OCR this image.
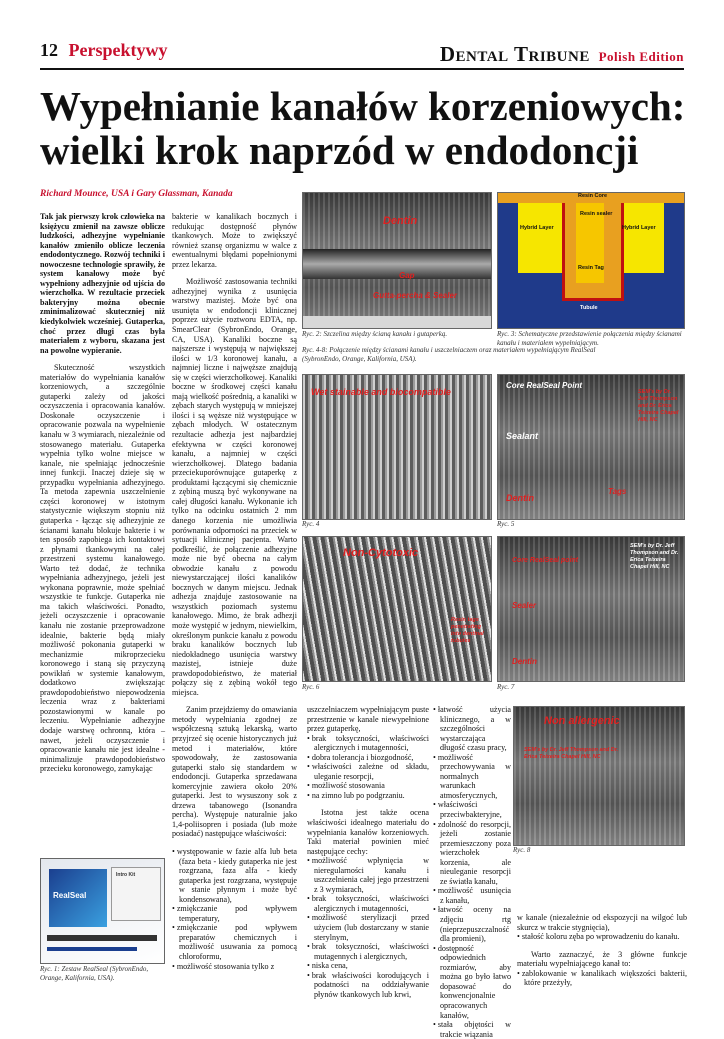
12 Perspektywy	Dental Tribune Polish Edition
Wypełnianie kanałów korzeniowych: wielki krok naprzód w endodoncji
Richard Mounce, USA i Gary Glassman, Kanada

Tak jak pierwszy krok człowieka na księżycu zmienił na zawsze oblicze ludzkości, adhezyjne wypełnianie kanałów zmieniło oblicze leczenia endodontycznego. Rozwój techniki i nowoczesne technologie sprawiły, że system kanałowy może być wypełniony adhezyjnie od ujścia do wierzchołka. W rezultacie przeciek bakteryjny można obecnie zminimalizować skuteczniej niż kiedykolwiek wcześniej. Gutaperka, choć przez długi czas była materiałem z wyboru, skazana jest na powolne wypieranie.

Skuteczność wszystkich materiałów do wypełniania kanałów korzeniowych, a szczególnie gutaperki zależy od jakości oczyszczenia i opracowania kanałów. Doskonałe oczyszczenie i opracowanie pozwala na wypełnienie kanału w 3 wymiarach, niezależnie od stosowanego materiału. Gutaperka wypełnia tylko wolne miejsce w kanale, nie spełniając jednocześnie innej funkcji. Inaczej dzieje się w przypadku wypełniania adhezyjnego. Ta metoda zapewnia uszczelnienie części koronowej w istotnym statystycznie większym stopniu niż gutaperka - łącząc się adhezyjnie ze ścianami kanału blokuje bakterie i w ten sposób zapobiega ich kontaktowi z płynami tkankowymi na całej przestrzeni systemu kanałowego. Warto też dodać, że technika wypełniania adhezyjnego, jeżeli jest wykonana poprawnie, może spełniać wszystkie te funkcje. Gutaperka nie ma takich właściwości. Ponadto, jeżeli oczyszczenie i opracowanie kanału nie zostanie przeprowadzone idealnie, bakterie będą miały możliwość pokonania gutaperki w mechanizmie mikroprzecieku koronowego i staną się przyczyną powikłań w systemie kanałowym, dodatkowo zwiększając prawdopodobieństwo niepowodzenia leczenia wraz z bakteriami pozostawionymi w kanale po leczeniu. Wypełnianie adhezyjne dodaje warstwę ochronną, która – nawet, jeżeli oczyszczenie i opracowanie kanału nie jest idealne - minimalizuje prawdopodobieństwo przecieku koronowego, zamykając

bakterie w kanalikach bocznych i redukując dostępność płynów tkankowych. Może to zwiększyć również szansę organizmu w walce z ewentualnymi błędami popełnionymi przez lekarza.

Możliwość zastosowania techniki adhezyjnej wynika z usunięcia warstwy mazistej. Może być ona usunięta w endodoncji klinicznej poprzez użycie roztworu EDTA, np. SmearClear (SybronEndo, Orange, CA, USA). Kanaliki boczne są najszersze i występują w największej ilości w 1/3 koronowej kanału, a najmniej liczne i najwęższe znajdują się w części wierzchołkowej. Kanaliki boczne w środkowej części kanału mają wielkość pośrednią, a kanaliki w zębach starych występują w mniejszej ilości i są węższe niż występujące w zębach młodych. W ostatecznym rezultacie adhezja jest najbardziej efektywna w części koronowej kanału, a najmniej w części wierzchołkowej. Dlatego badania przeciekuporównujące gutaperkę z produktami łączącymi się chemicznie z zębiną muszą być wykonywane na całej długości kanału. Wykonanie ich tylko na odcinku ostatnich 2 mm danego korzenia nie umożliwia porównania odporności na przeciek w sytuacji klinicznej pacjenta. Warto podkreślić, że połączenie adhezyjne może nie być obecna na całym obwodzie kanału z powodu niewystarczającej ilości kanalików bocznych w danym miejscu. Jednak adhezja znajduje zastosowanie na wszystkich poziomach systemu kanałowego. Mimo, że brak adhezji może występić w jednym, niewielkim, określonym punkcie kanału z powodu braku kanalików bocznych lub niedokładnego usunięcia warstwy mazistej, istnieje duże prawdopodobieństwo, że materiał połączy się z zębiną wokół tego miejsca.

Zanim przejdziemy do omawiania metody wypełniania zgodnej ze współczesną sztuką lekarską, warto przyjrzeć się ocenie historycznych już metod i materiałów, które spowodowały, że zastosowania gutaperki stało się standardem w endodoncji. Gutaperka sprzedawana komercyjnie zawiera około 20% gutaperki. Jest to wysuszony sok z drzewa tabanowego (Isonandra percha). Występuje naturalnie jako 1,4-poliisopren i posiada (lub może posiadać) następujące właściwości:

• występowanie w fazie alfa lub beta (faza beta - kiedy gutaperka nie jest rozgrzana, faza alfa - kiedy gutaperka jest rozgrzana, występuje w stanie płynnym i może być kondensowana),
• zmiękczanie pod wpływem temperatury,
• zmiękczanie pod wpływem preparatów chemicznych i możliwość usuwania za pomocą chloroformu,
• możliwość stosowania tylko z

uszczelniaczem wypełniającym puste przestrzenie w kanale niewypełnione przez gutaperkę,

• brak toksyczności, właściwości alergicznych i mutagenności,
• dobra tolerancja i biozgodność,
• właściwości zależne od składu, uleganie resorpcji,
• możliwość stosowania
• na zimno lub po podgrzaniu.

Istotna jest także ocena właściwości idealnego materiału do wypełniania kanałów korzeniowych. Taki materiał powinien mieć następujące cechy:

• możliwość wpłynięcia w nieregularności kanału i uszczelnienia całej jego przestrzeni z 3 wymiarach,
• brak toksyczności, właściwości alergicznych i mutagenności,
• możliwość sterylizacji przed użyciem (lub dostarczany w stanie sterylnym,
• brak toksyczności, właściwości mutagennych i alergicznych,
• niska cena,
• brak właściwości korodujących i podatności na oddziaływanie płynów tkankowych lub krwi,
• łatwość użycia klinicznego, a w szczególności wystarczająca długość czasu pracy,
• możliwość przechowywania w normalnych warunkach atmosferycznych,
• właściwości przeciwbakteryjne,
• zdolność do resorpcji, jeżeli zostanie przemieszczony poza wierzchołek korzenia, ale nieuleganie resorpcji ze światła kanału,
• możliwość usunięcia z kanału,
• łatwość oceny na zdjęciu rtg (nieprzepuszczalność dla promieni),
• dostępność odpowiednich rozmiarów, aby można go było łatwo dopasować do konwencjonalnie opracowanych kanałów,
• stała objętości w trakcie wiązania

w kanale (niezależnie od ekspozycji na wilgoć lub skurcz w trakcie stygnięcia),

• stałość koloru zęba po wprowadzeniu do kanału.

Warto zaznaczyć, że 3 główne funkcje materiału wypełniającego kanał to:

• zablokowanie w kanalikach większości bakterii, które przeżyły,
Dentin
Gap
Gutta-percha & Sealer
Ryc. 2: Szczelina między ścianą kanału i gutaperką.
Ryc. 4-8: Połączenie między ścianami kanału i uszczelniaczem oraz materiałem wypełniającym RealSeal (SybronEndo, Orange, Kalifornia, USA).
Resin Core
Resin sealer
Hybrid Layer	Hybrid Layer
Resin Tag
Tubule
Ryc. 3: Schematyczne przedstawienie połączenia między ścianami kanału i materiałem wypełniającym.
Wet stainable and biocompatible
Ryc. 4
Core RealSeal Point
Sealant
Dentin
Tags
SEM's by Dr. Jeff Thompson and Dr. Erica Teixeira Chapel Hill, NC
Ryc. 5
Non-Cytotoxic
Resin tags penetrating into dentinal tubules
Ryc. 6
Core RealSeal point
Sealer
Dentin
SEM's by Dr. Jeff Thompson and Dr. Erica Teixeira Chapel Hill, NC
Ryc. 7
Non allergenic
SEM's by Dr. Jeff Thompson and Dr. Erica Teixeira Chapel Hill, NC
Ryc. 8
RealSeal
Intro Kit
Ryc. 1: Zestaw RealSeal (SybronEndo, Orange, Kalifornia, USA).
